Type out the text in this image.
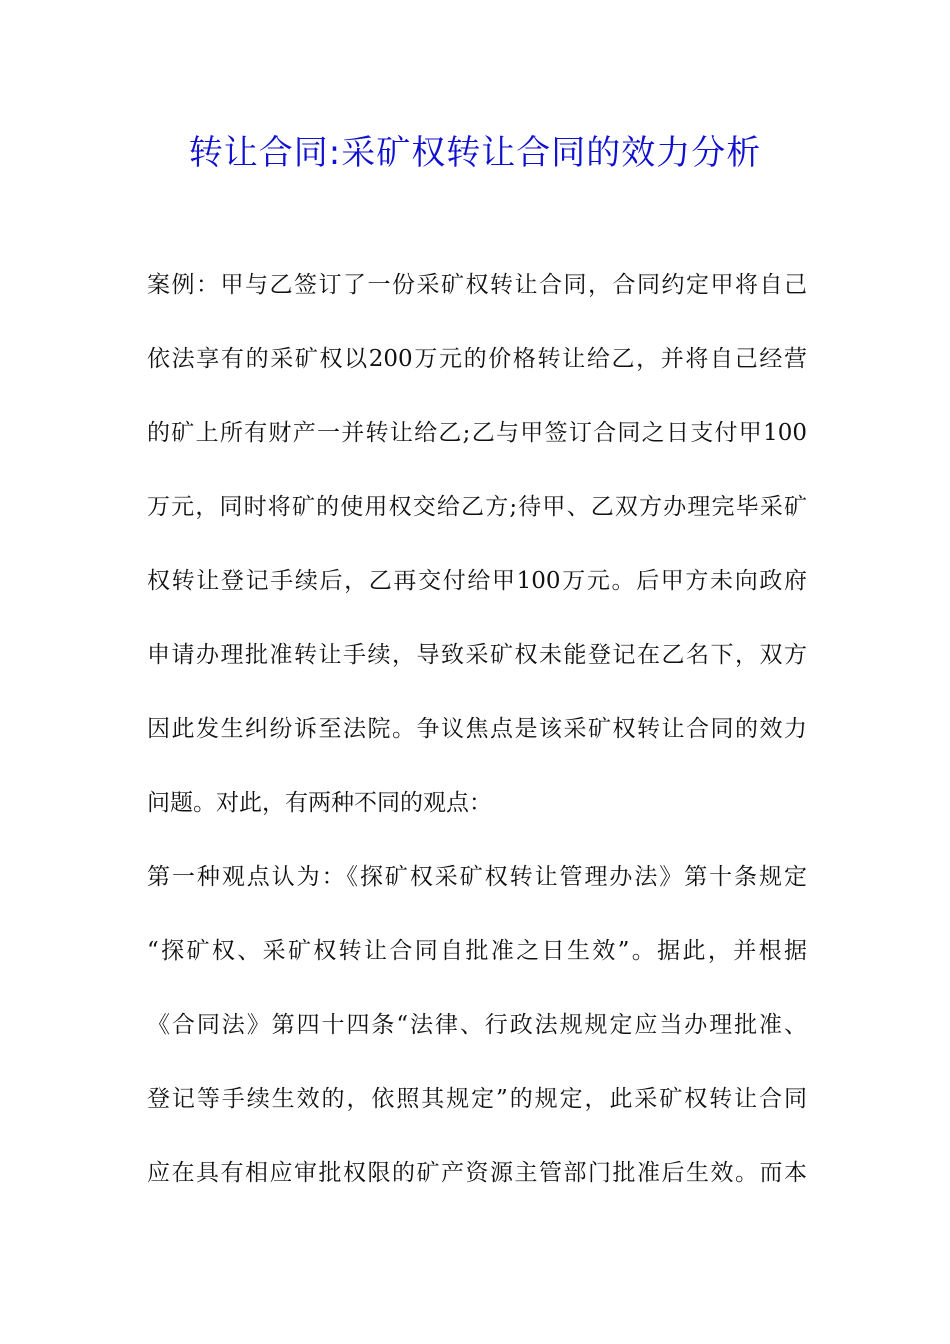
转让合同:采矿权转让合同的效力分析
案例：甲与乙签订了一份采矿权转让合同，合同约定甲将自己
依法享有的采矿权以200万元的价格转让给乙，并将自己经营
的矿上所有财产一并转让给乙;乙与甲签订合同之日支付甲100
万元，同时将矿的使用权交给乙方;待甲、乙双方办理完毕采矿
权转让登记手续后，乙再交付给甲100万元。后甲方未向政府
申请办理批准转让手续，导致采矿权未能登记在乙名下，双方
因此发生纠纷诉至法院。争议焦点是该采矿权转让合同的效力
问题。对此，有两种不同的观点：
第一种观点认为：《探矿权采矿权转让管理办法》第十条规定
“探矿权、采矿权转让合同自批准之日生效”。据此，并根据
《合同法》第四十四条“法律、行政法规规定应当办理批准、
登记等手续生效的，依照其规定”的规定，此采矿权转让合同
应在具有相应审批权限的矿产资源主管部门批准后生效。而本
